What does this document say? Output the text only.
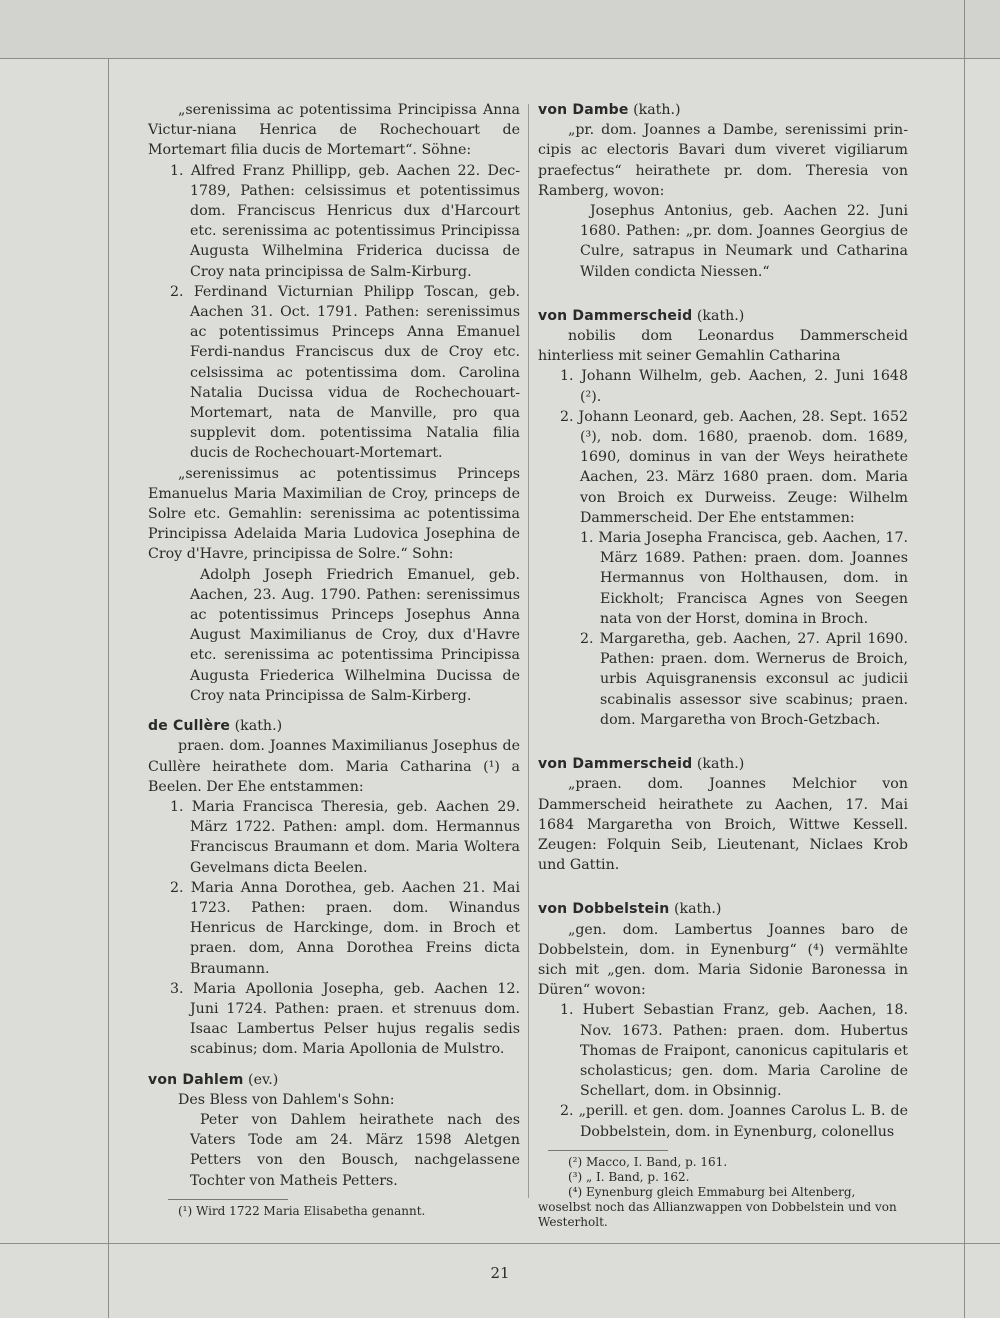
„serenissima ac potentissima Principissa Anna Victur-niana Henrica de Rochechouart de Mortemart filia ducis de Mortemart“. Söhne:

1. Alfred Franz Phillipp, geb. Aachen 22. Dec-1789, Pathen: celsissimus et potentissimus dom. Franciscus Henricus dux d'Harcourt etc. serenissima ac potentissimus Principissa Augusta Wilhelmina Friderica ducissa de Croy nata principissa de Salm-Kirburg.

2. Ferdinand Victurnian Philipp Toscan, geb. Aachen 31. Oct. 1791. Pathen: serenissimus ac potentissimus Princeps Anna Emanuel Ferdi-nandus Franciscus dux de Croy etc. celsissima ac potentissima dom. Carolina Natalia Ducissa vidua de Rochechouart-Mortemart, nata de Manville, pro qua supplevit dom. potentissima Natalia filia ducis de Rochechouart-Mortemart.

„serenissimus ac potentissimus Princeps Emanuelus Maria Maximilian de Croy, princeps de Solre etc. Gemahlin: serenissima ac potentissima Principissa Adelaida Maria Ludovica Josephina de Croy d'Havre, principissa de Solre.“ Sohn:

Adolph Joseph Friedrich Emanuel, geb. Aachen, 23. Aug. 1790. Pathen: serenissimus ac potentissimus Princeps Josephus Anna August Maximilianus de Croy, dux d'Havre etc. serenissima ac potentissima Principissa Augusta Friederica Wilhelmina Ducissa de Croy nata Principissa de Salm-Kirberg.

de Cullère (kath.)

praen. dom. Joannes Maximilianus Josephus de Cullère heirathete dom. Maria Catharina (¹) a Beelen. Der Ehe entstammen:

1. Maria Francisca Theresia, geb. Aachen 29. März 1722. Pathen: ampl. dom. Hermannus Franciscus Braumann et dom. Maria Woltera Gevelmans dicta Beelen.

2. Maria Anna Dorothea, geb. Aachen 21. Mai 1723. Pathen: praen. dom. Winandus Henricus de Harckinge, dom. in Broch et praen. dom, Anna Dorothea Freins dicta Braumann.

3. Maria Apollonia Josepha, geb. Aachen 12. Juni 1724. Pathen: praen. et strenuus dom. Isaac Lambertus Pelser hujus regalis sedis scabinus; dom. Maria Apollonia de Mulstro.

von Dahlem (ev.)

Des Bless von Dahlem's Sohn:

Peter von Dahlem heirathete nach des Vaters Tode am 24. März 1598 Aletgen Petters von den Bousch, nachgelassene Tochter von Matheis Petters.

(¹) Wird 1722 Maria Elisabetha genannt.

von Dambe (kath.)

„pr. dom. Joannes a Dambe, serenissimi prin-cipis ac electoris Bavari dum viveret vigiliarum praefectus“ heirathete pr. dom. Theresia von Ramberg, wovon:

Josephus Antonius, geb. Aachen 22. Juni 1680. Pathen: „pr. dom. Joannes Georgius de Culre, satrapus in Neumark und Catharina Wilden condicta Niessen.“

von Dammerscheid (kath.)

nobilis dom Leonardus Dammerscheid hinterliess mit seiner Gemahlin Catharina

1. Johann Wilhelm, geb. Aachen, 2. Juni 1648 (²).

2. Johann Leonard, geb. Aachen, 28. Sept. 1652 (³), nob. dom. 1680, praenob. dom. 1689, 1690, dominus in van der Weys heirathete Aachen, 23. März 1680 praen. dom. Maria von Broich ex Durweiss. Zeuge: Wilhelm Dammerscheid. Der Ehe entstammen:

1. Maria Josepha Francisca, geb. Aachen, 17. März 1689. Pathen: praen. dom. Joannes Hermannus von Holthausen, dom. in Eickholt; Francisca Agnes von Seegen nata von der Horst, domina in Broch.

2. Margaretha, geb. Aachen, 27. April 1690. Pathen: praen. dom. Wernerus de Broich, urbis Aquisgranensis exconsul ac judicii scabinalis assessor sive scabinus; praen. dom. Margaretha von Broch-Getzbach.

von Dammerscheid (kath.)

„praen. dom. Joannes Melchior von Dammerscheid heirathete zu Aachen, 17. Mai 1684 Margaretha von Broich, Wittwe Kessell. Zeugen: Folquin Seib, Lieutenant, Niclaes Krob und Gattin.

von Dobbelstein (kath.)

„gen. dom. Lambertus Joannes baro de Dobbelstein, dom. in Eynenburg“ (⁴) vermählte sich mit „gen. dom. Maria Sidonie Baronessa in Düren“ wovon:

1. Hubert Sebastian Franz, geb. Aachen, 18. Nov. 1673. Pathen: praen. dom. Hubertus Thomas de Fraipont, canonicus capitularis et scholasticus; gen. dom. Maria Caroline de Schellart, dom. in Obsinnig.

2. „perill. et gen. dom. Joannes Carolus L. B. de Dobbelstein, dom. in Eynenburg, colonellus

(²) Macco, I. Band, p. 161.

(³) „ I. Band, p. 162.

(⁴) Eynenburg gleich Emmaburg bei Altenberg, woselbst noch das Allianzwappen von Dobbelstein und von Westerholt.

21
